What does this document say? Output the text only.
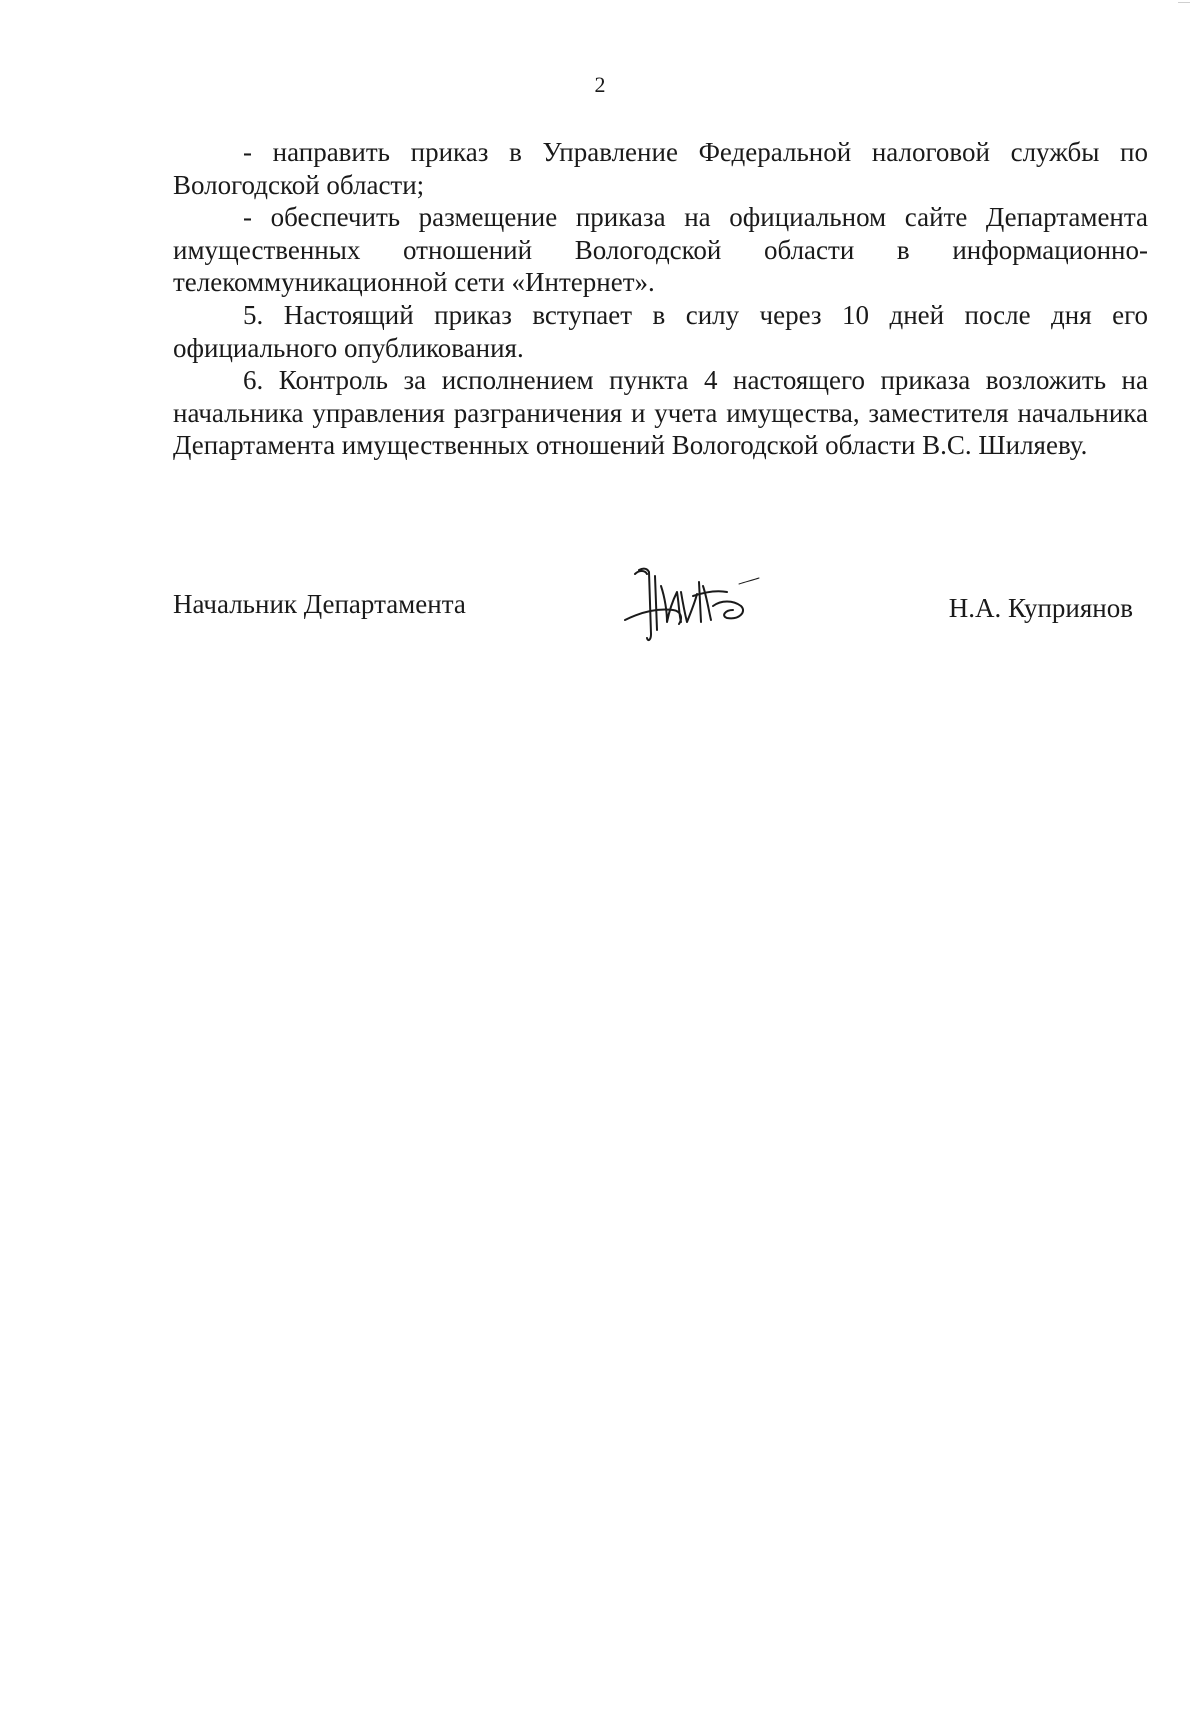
2

- направить приказ в Управление Федеральной налоговой службы по Вологодской области;

- обеспечить размещение приказа на официальном сайте Департамента имущественных отношений Вологодской области в информационно-телекоммуникационной сети «Интернет».

5. Настоящий приказ вступает в силу через 10 дней после дня его официального опубликования.

6. Контроль за исполнением пункта 4 настоящего приказа возложить на начальника управления разграничения и учета имущества, заместителя начальника Департамента имущественных отношений Вологодской области В.С. Шиляеву.

Начальник Департамента	Н.А. Куприянов
